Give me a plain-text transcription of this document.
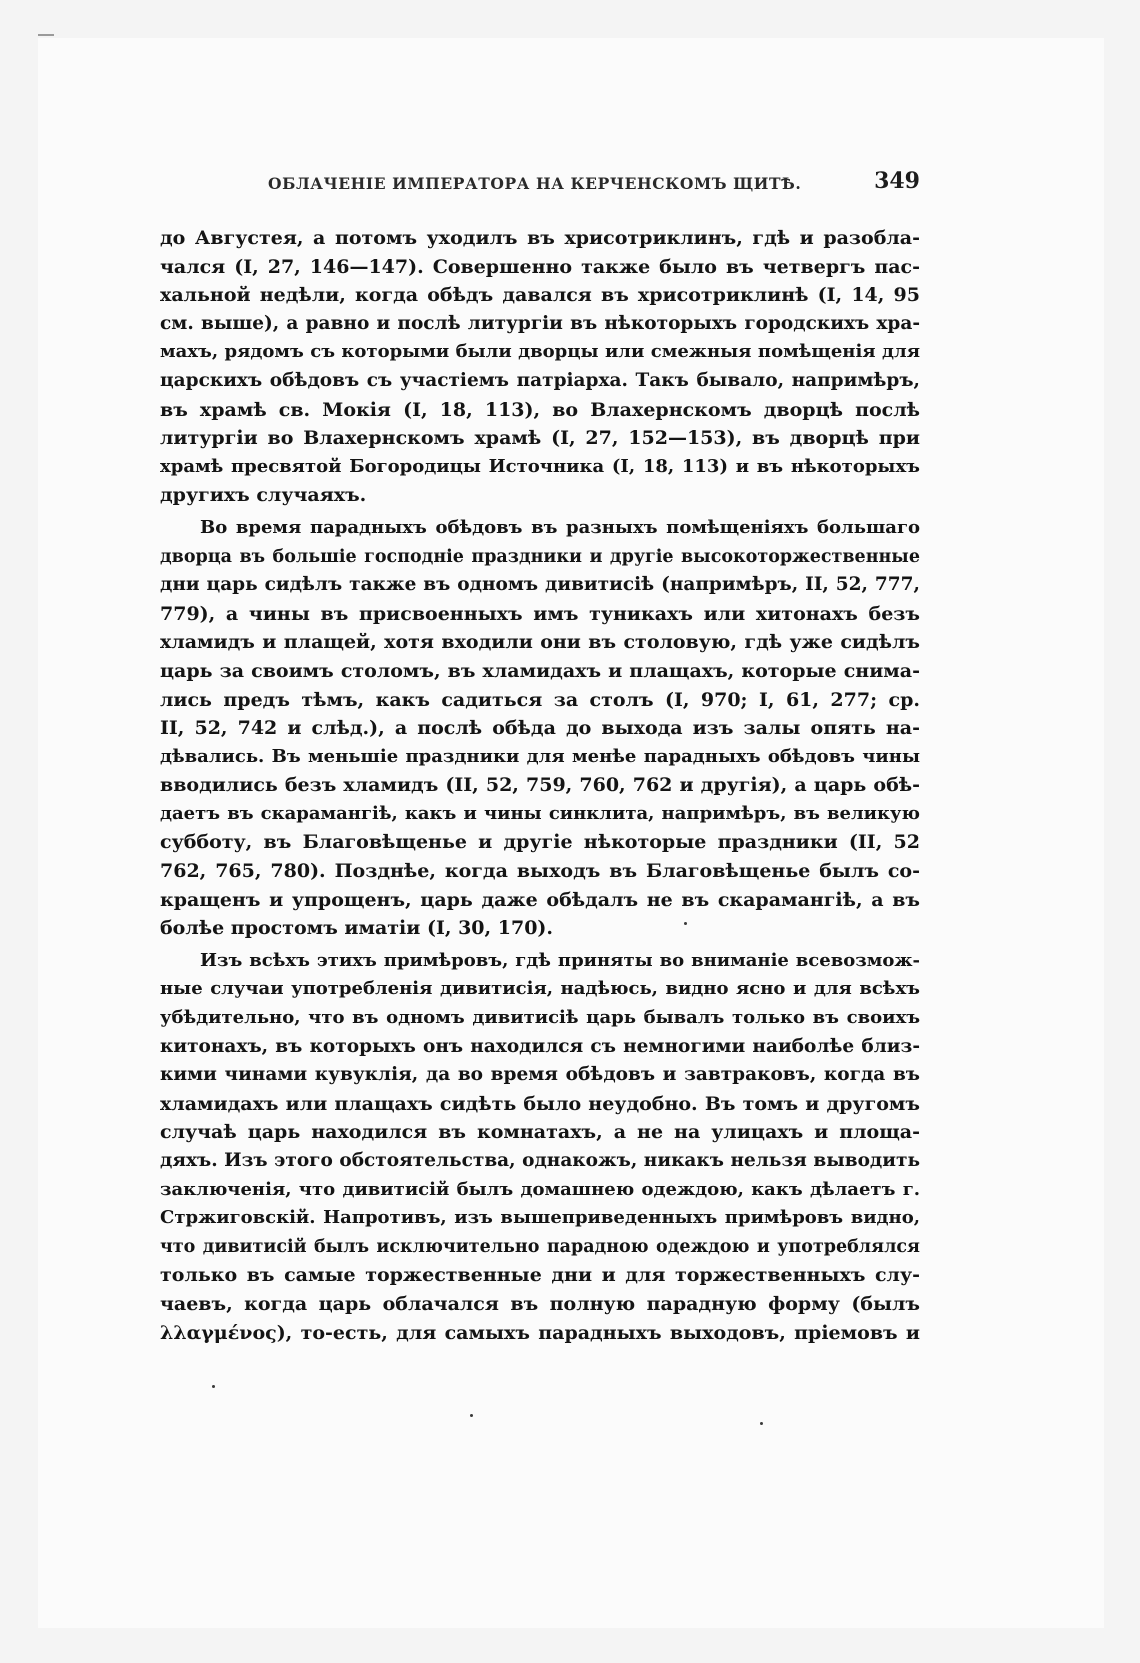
ОБЛАЧЕНІЕ ИМПЕРАТОРА НА КЕРЧЕНСКОМЪ ЩИТѢ.	349
до Августея, а потомъ уходилъ въ хрисотриклинъ, гдѣ и разобла-
чался (I, 27, 146—147). Совершенно также было въ четвергъ пас-
хальной недѣли, когда обѣдъ давался въ хрисотриклинѣ (I, 14, 95
см. выше), а равно и послѣ литургіи въ нѣкоторыхъ городскихъ хра-
махъ, рядомъ съ которыми были дворцы или смежныя помѣщенія для
царскихъ обѣдовъ съ участіемъ патріарха. Такъ бывало, напримѣръ,
въ храмѣ св. Мокія (I, 18, 113), во Влахернскомъ дворцѣ послѣ
литургіи во Влахернскомъ храмѣ (I, 27, 152—153), въ дворцѣ при
храмѣ пресвятой Богородицы Источника (I, 18, 113) и въ нѣкоторыхъ
другихъ случаяхъ.
Во время парадныхъ обѣдовъ въ разныхъ помѣщеніяхъ большаго
дворца въ большіе господніе праздники и другіе высокоторжественные
дни царь сидѣлъ также въ одномъ дивитисіѣ (напримѣръ, II, 52, 777,
779), а чины въ присвоенныхъ имъ туникахъ или хитонахъ безъ
хламидъ и плащей, хотя входили они въ столовую, гдѣ уже сидѣлъ
царь за своимъ столомъ, въ хламидахъ и плащахъ, которые снима-
лись предъ тѣмъ, какъ садиться за столъ (I, 970; I, 61, 277; ср.
II, 52, 742 и слѣд.), а послѣ обѣда до выхода изъ залы опять на-
дѣвались. Въ меньшіе праздники для менѣе парадныхъ обѣдовъ чины
вводились безъ хламидъ (II, 52, 759, 760, 762 и другія), а царь обѣ-
даетъ въ скарамангіѣ, какъ и чины синклита, напримѣръ, въ великую
субботу, въ Благовѣщенье и другіе нѣкоторые праздники (II, 52
762, 765, 780). Позднѣе, когда выходъ въ Благовѣщенье былъ со-
кращенъ и упрощенъ, царь даже обѣдалъ не въ скарамангіѣ, а въ
болѣе простомъ иматіи (I, 30, 170).
Изъ всѣхъ этихъ примѣровъ, гдѣ приняты во вниманіе всевозмож-
ные случаи употребленія дивитисія, надѣюсь, видно ясно и для всѣхъ
убѣдительно, что въ одномъ дивитисіѣ царь бывалъ только въ своихъ
китонахъ, въ которыхъ онъ находился съ немногими наиболѣе близ-
кими чинами кувуклія, да во время обѣдовъ и завтраковъ, когда въ
хламидахъ или плащахъ сидѣть было неудобно. Въ томъ и другомъ
случаѣ царь находился въ комнатахъ, а не на улицахъ и площа-
дяхъ. Изъ этого обстоятельства, однакожъ, никакъ нельзя выводить
заключенія, что дивитисій былъ домашнею одеждою, какъ дѣлаетъ г.
Стржиговскій. Напротивъ, изъ вышеприведенныхъ примѣровъ видно,
что дивитисій былъ исключительно парадною одеждою и употреблялся
только въ самые торжественные дни и для торжественныхъ слу-
чаевъ, когда царь облачался въ полную парадную форму (былъ
λλαγμένος), то-есть, для самыхъ парадныхъ выходовъ, пріемовъ и
